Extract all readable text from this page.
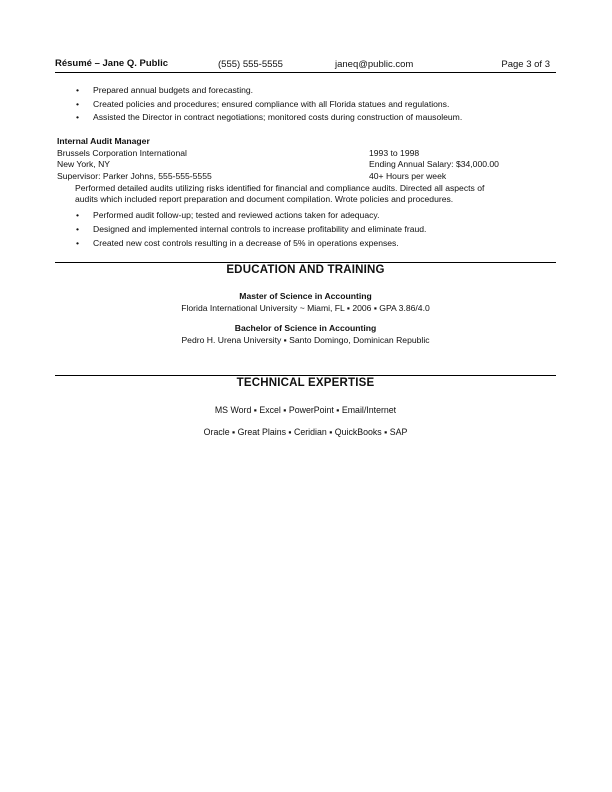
Résumé – Jane Q. Public	(555) 555-5555	janeq@public.com	Page 3 of 3
• Prepared annual budgets and forecasting.
• Created policies and procedures; ensured compliance with all Florida statues and regulations.
• Assisted the Director in contract negotiations; monitored costs during construction of mausoleum.
Internal Audit Manager
Brussels Corporation International	1993 to 1998
New York, NY	Ending Annual Salary: $34,000.00
Supervisor: Parker Johns, 555-555-5555	40+ Hours per week
Performed detailed audits utilizing risks identified for financial and compliance audits. Directed all aspects of
audits which included report preparation and document compilation. Wrote policies and procedures.
• Performed audit follow-up; tested and reviewed actions taken for adequacy.
• Designed and implemented internal controls to increase profitability and eliminate fraud.
• Created new cost controls resulting in a decrease of 5% in operations expenses.
EDUCATION AND TRAINING
Master of Science in Accounting
Florida International University ~ Miami, FL ▪ 2006 ▪ GPA 3.86/4.0
Bachelor of Science in Accounting
Pedro H. Urena University ▪ Santo Domingo, Dominican Republic
TECHNICAL EXPERTISE
MS Word ▪ Excel ▪ PowerPoint ▪ Email/Internet
Oracle ▪ Great Plains ▪ Ceridian ▪ QuickBooks ▪ SAP
